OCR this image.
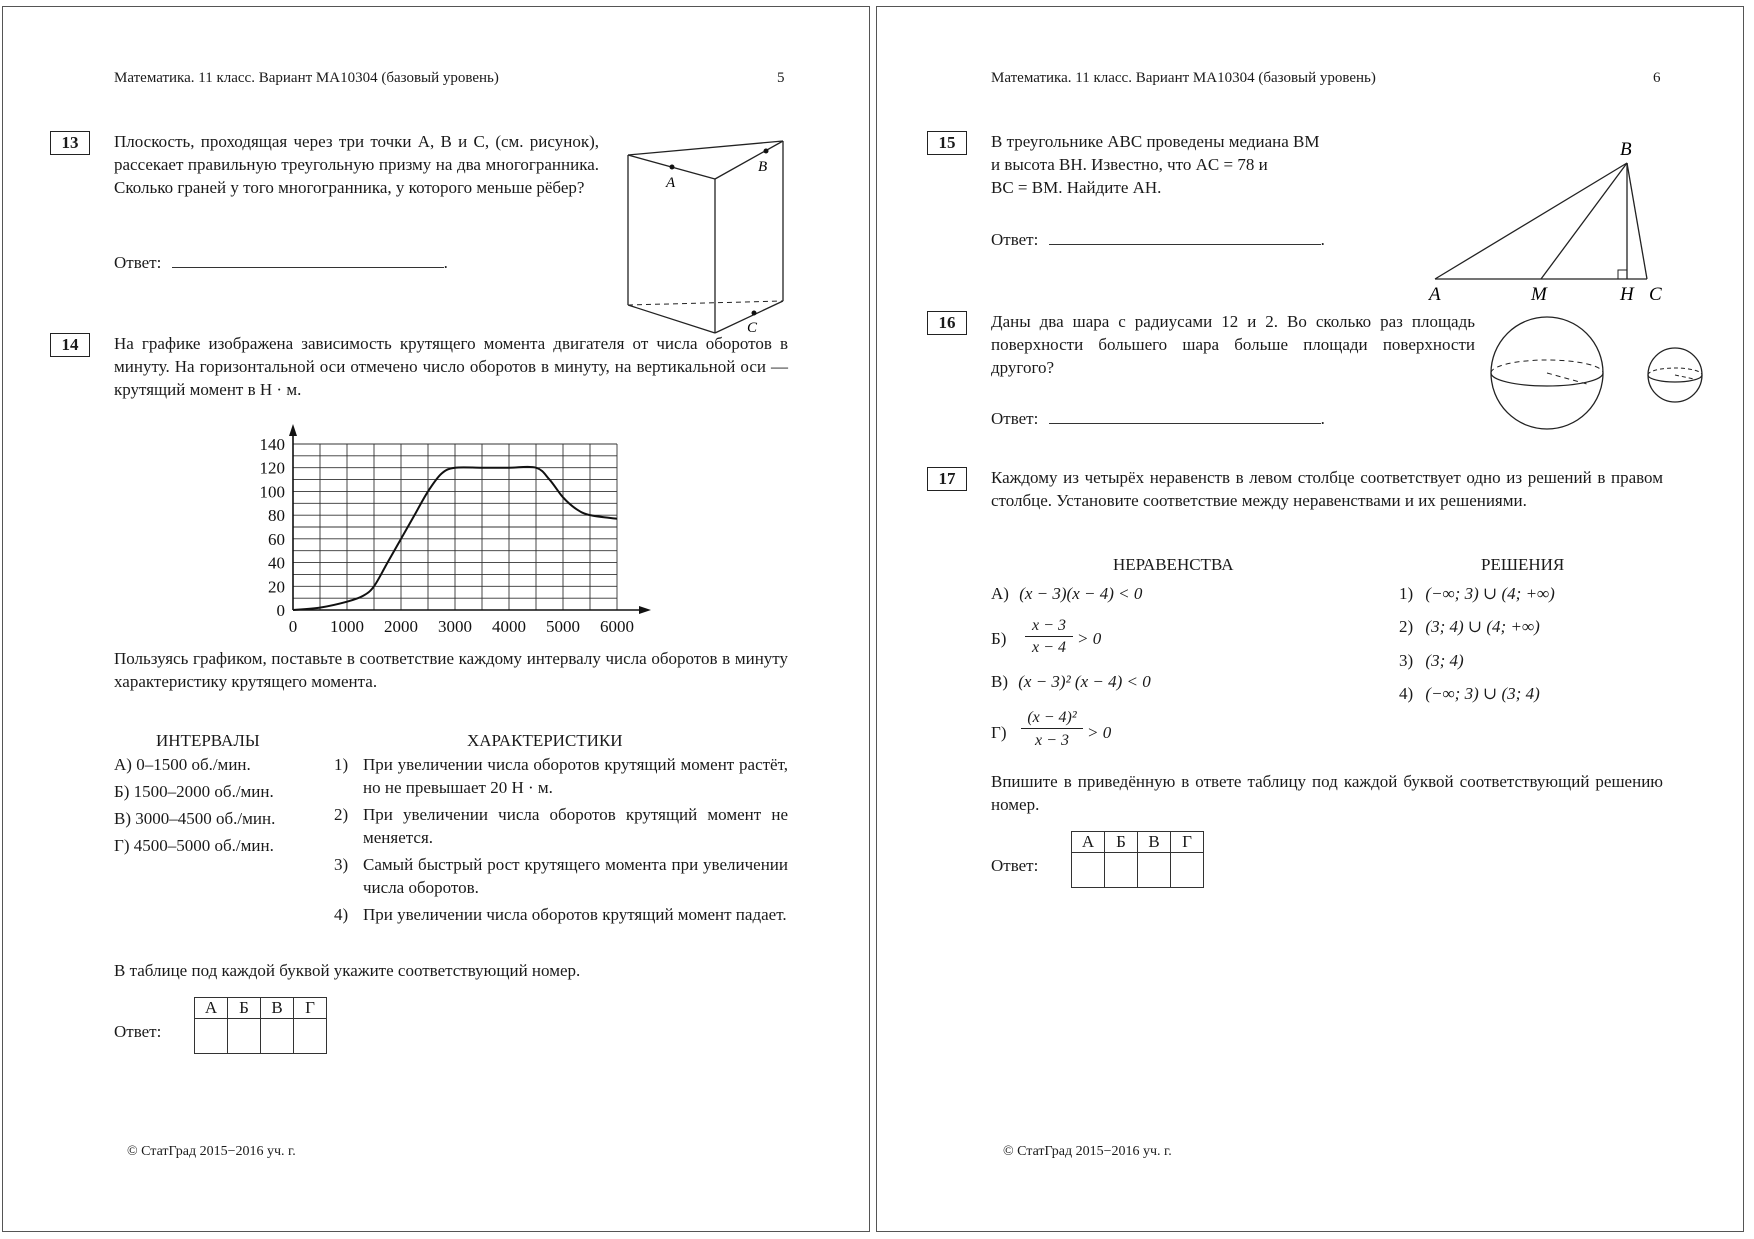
Математика. 11 класс. Вариант МА10304 (базовый уровень)	5
13	Плоскость, проходящая через три точки A, B и C, (см. рисунок), рассекает правильную треугольную призму на два многогранника. Сколько граней у того многогранника, у которого меньше рёбер?
Ответ:	.
A
B
C
14	На графике изображена зависимость крутящего момента двигателя от числа оборотов в минуту. На горизонтальной оси отмечено число оборотов в минуту, на вертикальной оси — крутящий момент в Н · м.
0 1000 2000 3000 4000 5000 6000
0
20
40
60
80
100
120
140
Пользуясь графиком, поставьте в соответствие каждому интервалу числа оборотов в минуту характеристику крутящего момента.
ИНТЕРВАЛЫ	ХАРАКТЕРИСТИКИ
А) 0–1500 об./мин.
Б) 1500–2000 об./мин.
В) 3000–4500 об./мин.
Г) 4500–5000 об./мин.
1) При увеличении числа оборотов крутящий момент растёт, но не превышает 20 Н · м.
2) При увеличении числа оборотов крутящий момент не меняется.
3) Самый быстрый рост крутящего момента при увеличении числа оборотов.
4) При увеличении числа оборотов крутящий момент падает.
В таблице под каждой буквой укажите соответствующий номер.
Ответ:
А	Б	В	Г

© СтатГрад 2015−2016 уч. г.
Математика. 11 класс. Вариант МА10304 (базовый уровень)	6
15	В треугольнике ABC проведены медиана BM
и высота BH. Известно, что AC = 78 и
BC = BM. Найдите AH.
Ответ:	.
B
A	M	H C
16	Даны два шара с радиусами 12 и 2. Во сколько раз площадь поверхности большего шара больше площади поверхности другого?
Ответ:	.
17	Каждому из четырёх неравенств в левом столбце соответствует одно из решений в правом столбце. Установите соответствие между неравенствами и их решениями.
НЕРАВЕНСТВА	РЕШЕНИЯ
А) (x − 3)(x − 4) < 0
Б)
x − 3
x − 4 > 0
В) (x − 3)² (x − 4) < 0
Г)
(x − 4)²
x − 3	> 0
1) (−∞; 3) ∪ (4; +∞)
2) (3; 4) ∪ (4; +∞)
3) (3; 4)
4) (−∞; 3) ∪ (3; 4)
Впишите в приведённую в ответе таблицу под каждой буквой соответствующий решению номер.
Ответ:
А	Б	В	Г

© СтатГрад 2015−2016 уч. г.
